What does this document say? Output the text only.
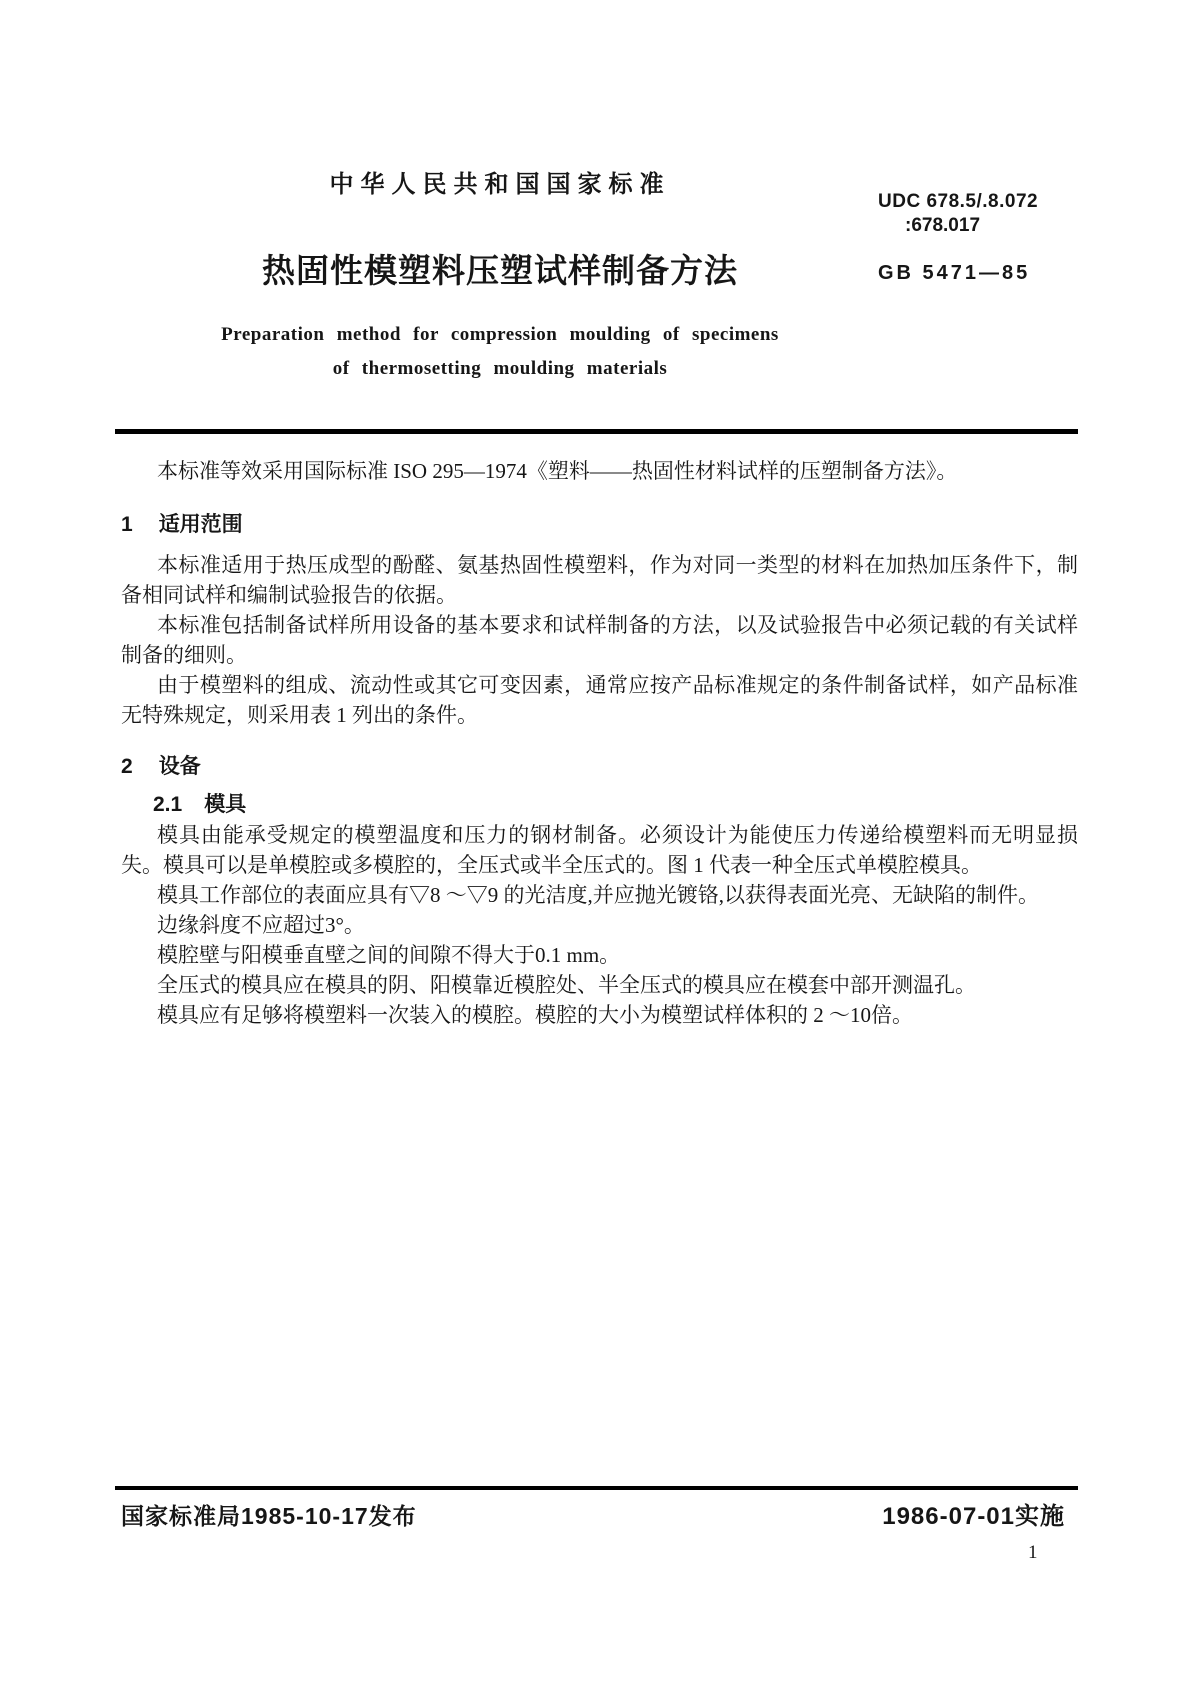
中华人民共和国国家标准
热固性模塑料压塑试样制备方法
Preparation method for compression moulding of specimens
of thermosetting moulding materials
UDC 678.5/.8.072
:678.017
GB 5471—85

本标准等效采用国际标准 ISO 295—1974《塑料——热固性材料试样的压塑制备方法》。

1 适用范围

本标准适用于热压成型的酚醛、氨基热固性模塑料，作为对同一类型的材料在加热加压条件下，制备相同试样和编制试验报告的依据。

本标准包括制备试样所用设备的基本要求和试样制备的方法，以及试验报告中必须记载的有关试样制备的细则。

由于模塑料的组成、流动性或其它可变因素，通常应按产品标准规定的条件制备试样，如产品标准无特殊规定，则采用表 1 列出的条件。

2 设备
2.1 模具

模具由能承受规定的模塑温度和压力的钢材制备。必须设计为能使压力传递给模塑料而无明显损失。模具可以是单模腔或多模腔的，全压式或半全压式的。图 1 代表一种全压式单模腔模具。

模具工作部位的表面应具有▽8 ～▽9 的光洁度,并应抛光镀铬,以获得表面光亮、无缺陷的制件。

边缘斜度不应超过3°。

模腔壁与阳模垂直壁之间的间隙不得大于0.1 mm。

全压式的模具应在模具的阴、阳模靠近模腔处、半全压式的模具应在模套中部开测温孔。

模具应有足够将模塑料一次装入的模腔。模腔的大小为模塑试样体积的 2 ～10倍。

国家标准局1985-10-17发布	1986-07-01实施
1
